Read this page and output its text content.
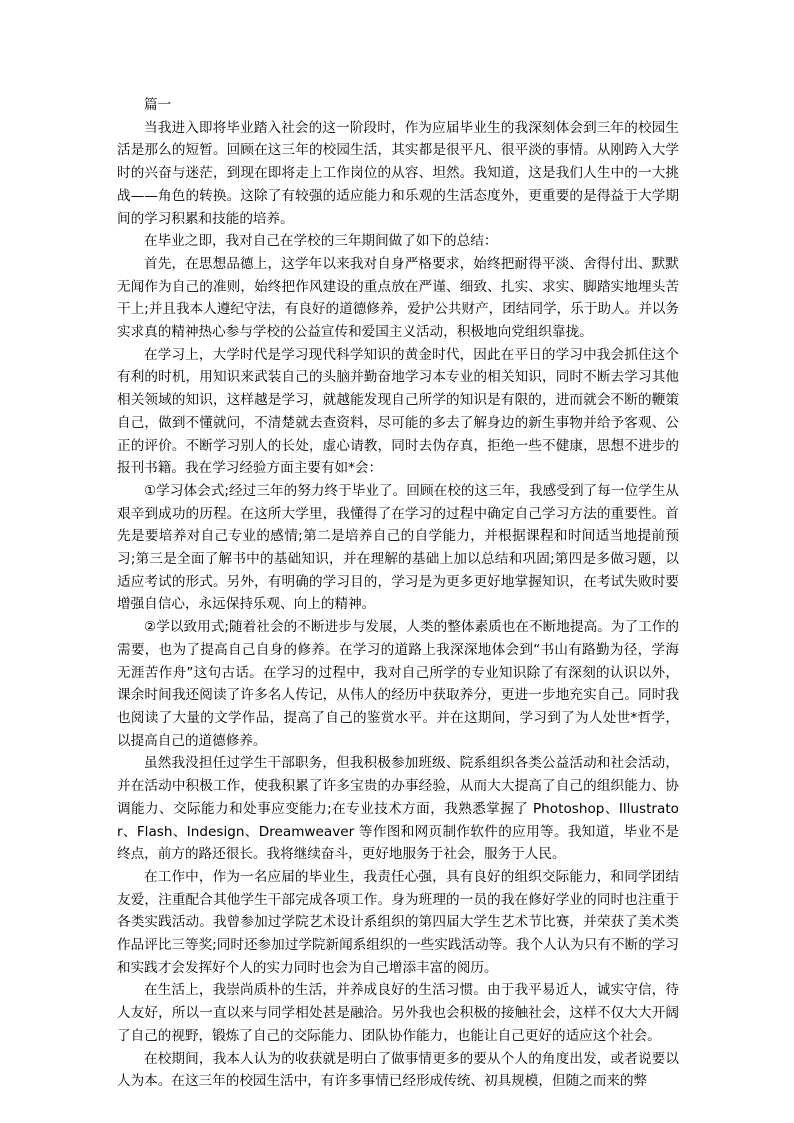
篇一

当我进入即将毕业踏入社会的这一阶段时，作为应届毕业生的我深刻体会到三年的校园生活是那么的短暂。回顾在这三年的校园生活，其实都是很平凡、很平淡的事情。从刚跨入大学时的兴奋与迷茫，到现在即将走上工作岗位的从容、坦然。我知道，这是我们人生中的一大挑战——角色的转换。这除了有较强的适应能力和乐观的生活态度外，更重要的是得益于大学期间的学习积累和技能的培养。

在毕业之即，我对自己在学校的三年期间做了如下的总结：

首先，在思想品德上，这学年以来我对自身严格要求，始终把耐得平淡、舍得付出、默默无闻作为自己的准则，始终把作风建设的重点放在严谨、细致、扎实、求实、脚踏实地埋头苦干上;并且我本人遵纪守法，有良好的道德修养，爱护公共财产，团结同学，乐于助人。并以务实求真的精神热心参与学校的公益宣传和爱国主义活动，积极地向党组织靠拢。

在学习上，大学时代是学习现代科学知识的黄金时代，因此在平日的学习中我会抓住这个有利的时机，用知识来武装自己的头脑并勤奋地学习本专业的相关知识，同时不断去学习其他相关领域的知识，这样越是学习，就越能发现自己所学的知识是有限的，进而就会不断的鞭策自己，做到不懂就问，不清楚就去查资料，尽可能的多去了解身边的新生事物并给予客观、公正的评价。不断学习别人的长处，虚心请教，同时去伪存真，拒绝一些不健康，思想不进步的报刊书籍。我在学习经验方面主要有如*会：

①学习体会式;经过三年的努力终于毕业了。回顾在校的这三年，我感受到了每一位学生从艰辛到成功的历程。在这所大学里，我懂得了在学习的过程中确定自己学习方法的重要性。首先是要培养对自己专业的感情;第二是培养自己的自学能力，并根据课程和时间适当地提前预习;第三是全面了解书中的基础知识，并在理解的基础上加以总结和巩固;第四是多做习题，以适应考试的形式。另外，有明确的学习目的，学习是为更多更好地掌握知识，在考试失败时要增强自信心，永远保持乐观、向上的精神。

②学以致用式;随着社会的不断进步与发展，人类的整体素质也在不断地提高。为了工作的需要，也为了提高自己自身的修养。在学习的道路上我深深地体会到“书山有路勤为径，学海无涯苦作舟”这句古话。在学习的过程中，我对自己所学的专业知识除了有深刻的认识以外，课余时间我还阅读了许多名人传记，从伟人的经历中获取养分，更进一步地充实自己。同时我也阅读了大量的文学作品，提高了自己的鉴赏水平。并在这期间，学习到了为人处世*哲学，以提高自己的道德修养。

虽然我没担任过学生干部职务，但我积极参加班级、院系组织各类公益活动和社会活动，并在活动中积极工作，使我积累了许多宝贵的办事经验，从而大大提高了自己的组织能力、协调能力、交际能力和处事应变能力;在专业技术方面，我熟悉掌握了 Photoshop、Illustrator、Flash、Indesign、Dreamweaver 等作图和网页制作软件的应用等。我知道，毕业不是终点，前方的路还很长。我将继续奋斗，更好地服务于社会，服务于人民。

在工作中，作为一名应届的毕业生，我责任心强，具有良好的组织交际能力，和同学团结友爱，注重配合其他学生干部完成各项工作。身为班理的一员的我在修好学业的同时也注重于各类实践活动。我曾参加过学院艺术设计系组织的第四届大学生艺术节比赛，并荣获了美术类作品评比三等奖;同时还参加过学院新闻系组织的一些实践活动等。我个人认为只有不断的学习和实践才会发挥好个人的实力同时也会为自己增添丰富的阅历。

在生活上，我崇尚质朴的生活，并养成良好的生活习惯。由于我平易近人，诚实守信，待人友好，所以一直以来与同学相处甚是融洽。另外我也会积极的接触社会，这样不仅大大开阔了自己的视野，锻炼了自己的交际能力、团队协作能力，也能让自己更好的适应这个社会。

在校期间，我本人认为的收获就是明白了做事情更多的要从个人的角度出发，或者说要以人为本。在这三年的校园生活中，有许多事情已经形成传统、初具规模，但随之而来的弊
